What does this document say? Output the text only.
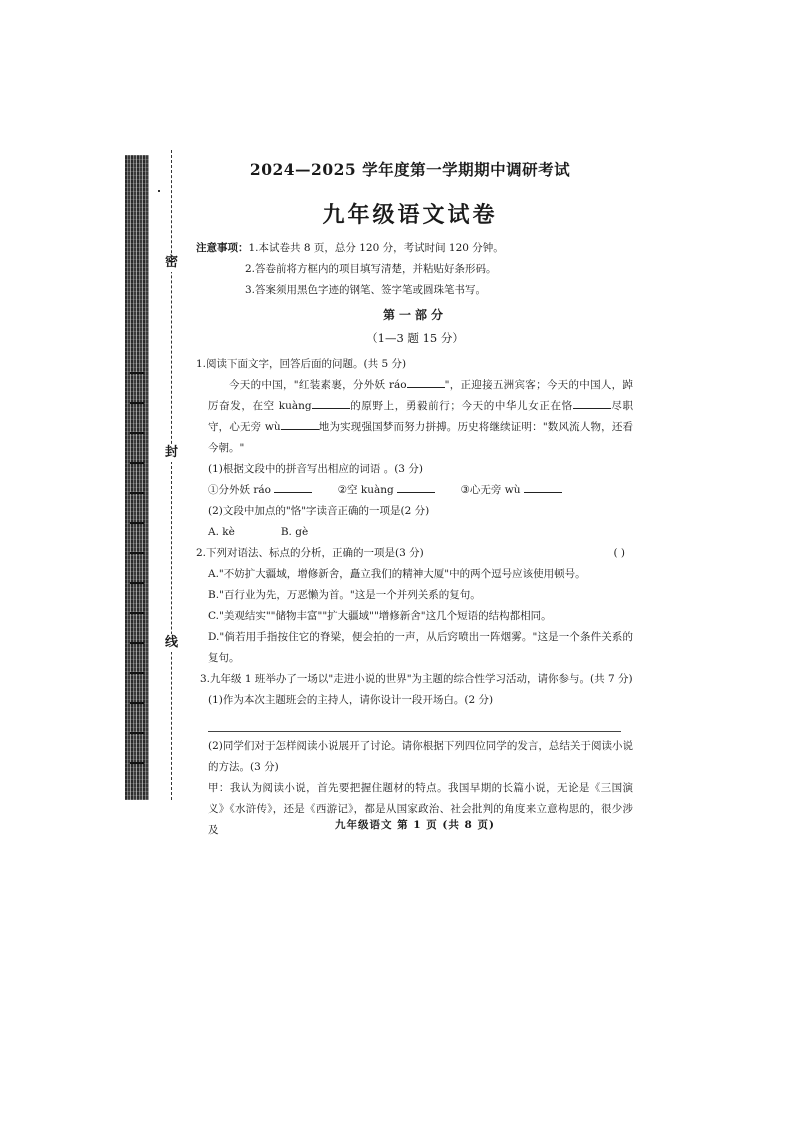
密
封
线
2024—2025 学年度第一学期期中调研考试
九年级语文试卷
注意事项：1.本试卷共 8 页，总分 120 分，考试时间 120 分钟。
2.答卷前将方框内的项目填写清楚，并粘贴好条形码。
3.答案须用黑色字迹的钢笔、签字笔或圆珠笔书写。
第一部分
（1—3 题 15 分）
1.阅读下面文字，回答后面的问题。(共 5 分)
今天的中国，"红装素裹，分外妖 ráo	"，正迎接五洲宾客；今天的中国人，踔厉奋发，在空 kuàng	的原野上，勇毅前行；今天的中华儿女正在恪	尽职守，心无旁 wù	地为实现强国梦而努力拼搏。历史将继续证明："数风流人物，还看今朝。"
(1)根据文段中的拼音写出相应的词语 。(3 分)
①分外妖 ráo	②空 kuàng	③心无旁 wù
(2)文段中加点的"恪"字读音正确的一项是(2 分)
A. kè	B. gè
2.下列对语法、标点的分析，正确的一项是(3 分)	( )
A."不妨扩大疆域，增修新舍，矗立我们的精神大厦"中的两个逗号应该使用顿号。
B."百行业为先，万恶懒为首。"这是一个并列关系的复句。
C."美观结实""储物丰富""扩大疆域""增修新舍"这几个短语的结构都相同。
D."倘若用手指按住它的脊梁，便会拍的一声，从后窍喷出一阵烟雾。"这是一个条件关系的复句。
3.九年级 1 班举办了一场以"走进小说的世界"为主题的综合性学习活动，请你参与。(共 7 分)
(1)作为本次主题班会的主持人，请你设计一段开场白。(2 分)
(2)同学们对于怎样阅读小说展开了讨论。请你根据下列四位同学的发言，总结关于阅读小说的方法。(3 分)
甲：我认为阅读小说，首先要把握住题材的特点。我国早期的长篇小说，无论是《三国演义》《水浒传》，还是《西游记》，都是从国家政治、社会批判的角度来立意构思的，很少涉及	九年级语文 第 1 页 (共 8 页)
